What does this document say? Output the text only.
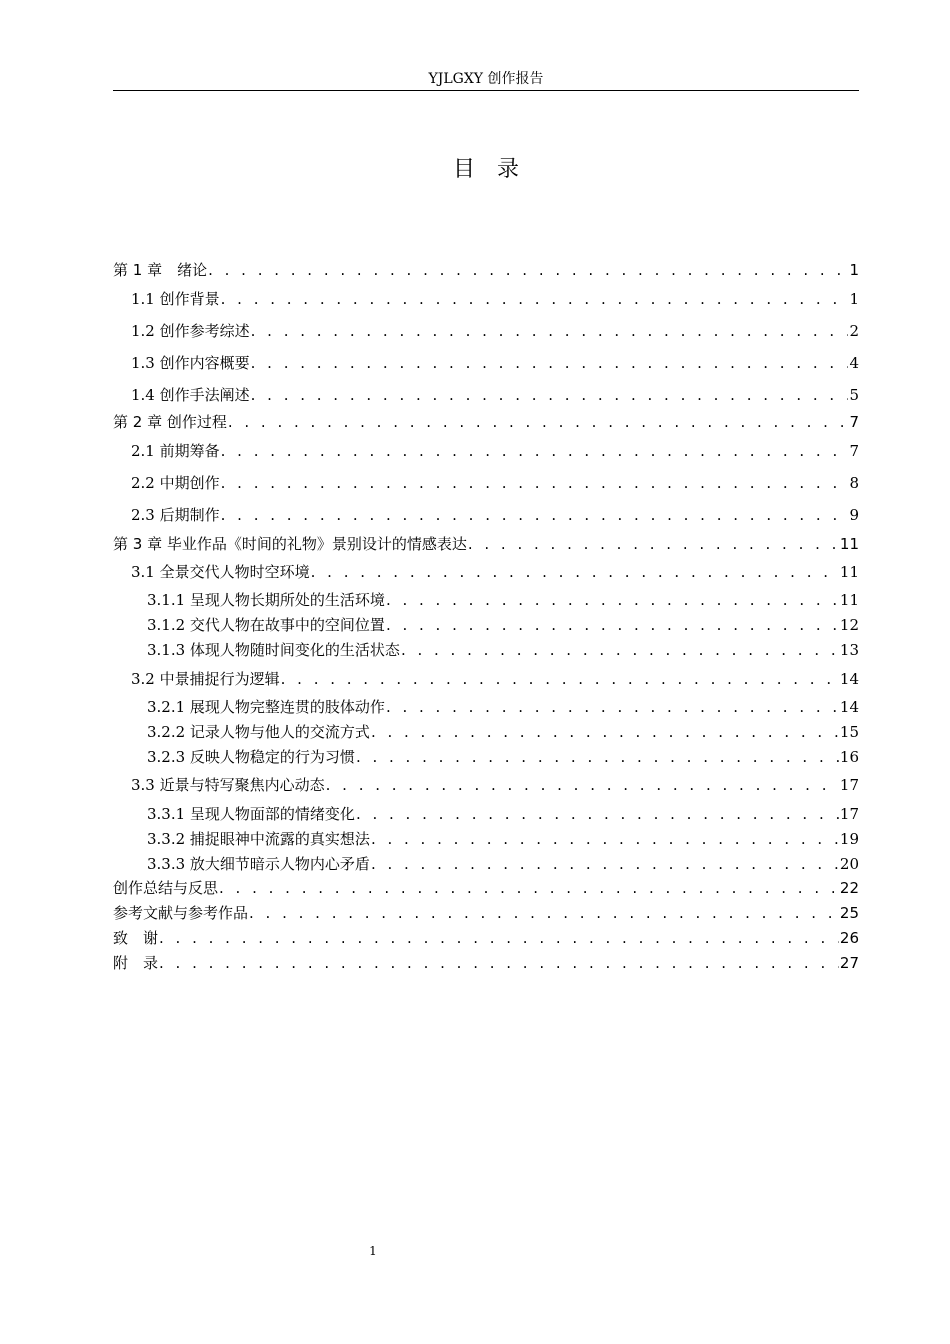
YJLGXY 创作报告
目录
第 1 章　绪论 . . .	1
1.1 创作背景 . . .	1
1.2 创作参考综述 . . .	2
1.3 创作内容概要 . . .	4
1.4 创作手法阐述 . . .	5
第 2 章 创作过程 . . .	7
2.1 前期筹备 . . .	7
2.2 中期创作 . . .	8
2.3 后期制作 . . .	9
第 3 章 毕业作品《时间的礼物》景别设计的情感表达 . . .	11
3.1 全景交代人物时空环境 . . .	11
3.1.1 呈现人物长期所处的生活环境 . . .	11
3.1.2 交代人物在故事中的空间位置 . . .	12
3.1.3 体现人物随时间变化的生活状态 . . .	13
3.2 中景捕捉行为逻辑 . . .	14
3.2.1 展现人物完整连贯的肢体动作 . . .	14
3.2.2 记录人物与他人的交流方式 . . .	15
3.2.3 反映人物稳定的行为习惯 . . .	16
3.3 近景与特写聚焦内心动态 . . .	17
3.3.1 呈现人物面部的情绪变化 . . .	17
3.3.2 捕捉眼神中流露的真实想法 . . .	19
3.3.3 放大细节暗示人物内心矛盾 . . .	20
创作总结与反思 . . .	22
参考文献与参考作品 . . .	25
致　谢 . . .	26
附　录 . . .	27
1
